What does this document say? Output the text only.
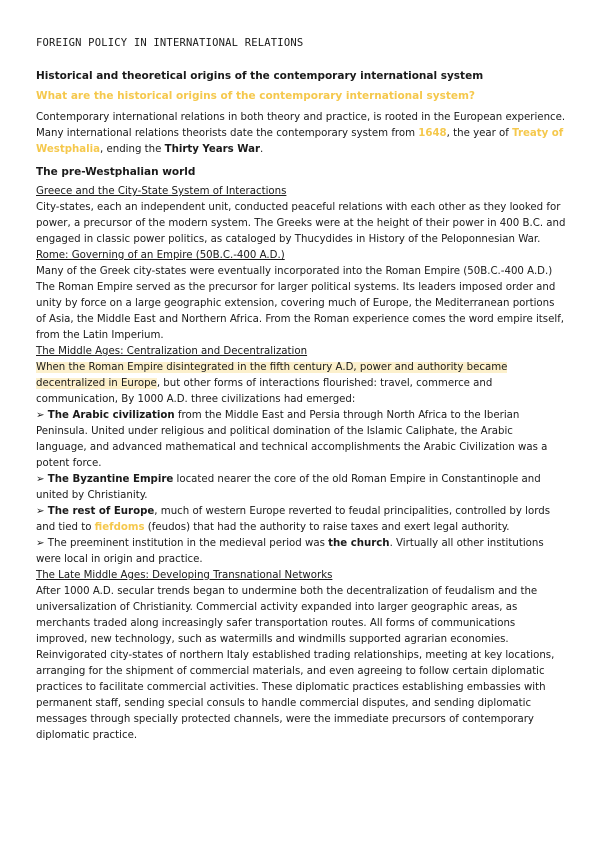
FOREIGN POLICY IN INTERNATIONAL RELATIONS
Historical and theoretical origins of the contemporary international system
What are the historical origins of the contemporary international system?

Contemporary international relations in both theory and practice, is rooted in the European experience. Many international relations theorists date the contemporary system from 1648, the year of Treaty of Westphalia, ending the Thirty Years War.

The pre-Westphalian world

Greece and the City-State System of Interactions

City-states, each an independent unit, conducted peaceful relations with each other as they looked for power, a precursor of the modern system. The Greeks were at the height of their power in 400 B.C. and engaged in classic power politics, as cataloged by Thucydides in History of the Peloponnesian War.

Rome: Governing of an Empire (50B.C.-400 A.D.)

Many of the Greek city-states were eventually incorporated into the Roman Empire (50B.C.-400 A.D.) The Roman Empire served as the precursor for larger political systems. Its leaders imposed order and unity by force on a large geographic extension, covering much of Europe, the Mediterranean portions of Asia, the Middle East and Northern Africa. From the Roman experience comes the word empire itself, from the Latin Imperium.

The Middle Ages: Centralization and Decentralization

When the Roman Empire disintegrated in the fifth century A.D, power and authority became decentralized in Europe, but other forms of interactions flourished: travel, commerce and communication, By 1000 A.D. three civilizations had emerged:

➢ The Arabic civilization from the Middle East and Persia through North Africa to the Iberian Peninsula. United under religious and political domination of the Islamic Caliphate, the Arabic language, and advanced mathematical and technical accomplishments the Arabic Civilization was a potent force.

➢ The Byzantine Empire located nearer the core of the old Roman Empire in Constantinople and united by Christianity.

➢ The rest of Europe, much of western Europe reverted to feudal principalities, controlled by lords and tied to fiefdoms (feudos) that had the authority to raise taxes and exert legal authority.

➢ The preeminent institution in the medieval period was the church. Virtually all other institutions were local in origin and practice.

The Late Middle Ages: Developing Transnational Networks

After 1000 A.D. secular trends began to undermine both the decentralization of feudalism and the universalization of Christianity. Commercial activity expanded into larger geographic areas, as merchants traded along increasingly safer transportation routes. All forms of communications improved, new technology, such as watermills and windmills supported agrarian economies.

Reinvigorated city-states of northern Italy established trading relationships, meeting at key locations, arranging for the shipment of commercial materials, and even agreeing to follow certain diplomatic practices to facilitate commercial activities. These diplomatic practices establishing embassies with permanent staff, sending special consuls to handle commercial disputes, and sending diplomatic messages through specially protected channels, were the immediate precursors of contemporary diplomatic practice.
